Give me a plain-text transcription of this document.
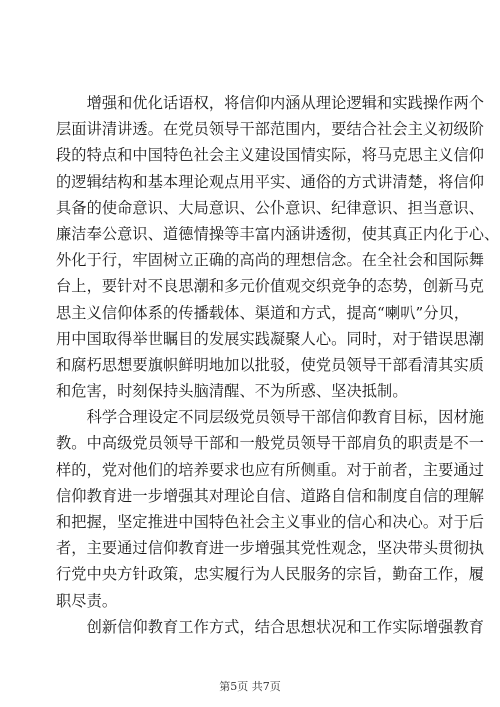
　　增强和优化话语权，将信仰内涵从理论逻辑和实践操作两个
层面讲清讲透。在党员领导干部范围内，要结合社会主义初级阶
段的特点和中国特色社会主义建设国情实际，将马克思主义信仰
的逻辑结构和基本理论观点用平实、通俗的方式讲清楚，将信仰
具备的使命意识、大局意识、公仆意识、纪律意识、担当意识、
廉洁奉公意识、道德情操等丰富内涵讲透彻，使其真正内化于心、
外化于行，牢固树立正确的高尚的理想信念。在全社会和国际舞
台上，要针对不良思潮和多元价值观交织竞争的态势，创新马克
思主义信仰体系的传播载体、渠道和方式，提高“喇叭”分贝，
用中国取得举世瞩目的发展实践凝聚人心。同时，对于错误思潮
和腐朽思想要旗帜鲜明地加以批驳，使党员领导干部看清其实质
和危害，时刻保持头脑清醒、不为所惑、坚决抵制。
　　科学合理设定不同层级党员领导干部信仰教育目标，因材施
教。中高级党员领导干部和一般党员领导干部肩负的职责是不一
样的，党对他们的培养要求也应有所侧重。对于前者，主要通过
信仰教育进一步增强其对理论自信、道路自信和制度自信的理解
和把握，坚定推进中国特色社会主义事业的信心和决心。对于后
者，主要通过信仰教育进一步增强其党性观念，坚决带头贯彻执
行党中央方针政策，忠实履行为人民服务的宗旨，勤奋工作，履
职尽责。
　　创新信仰教育工作方式，结合思想状况和工作实际增强教育
第5页 共7页
